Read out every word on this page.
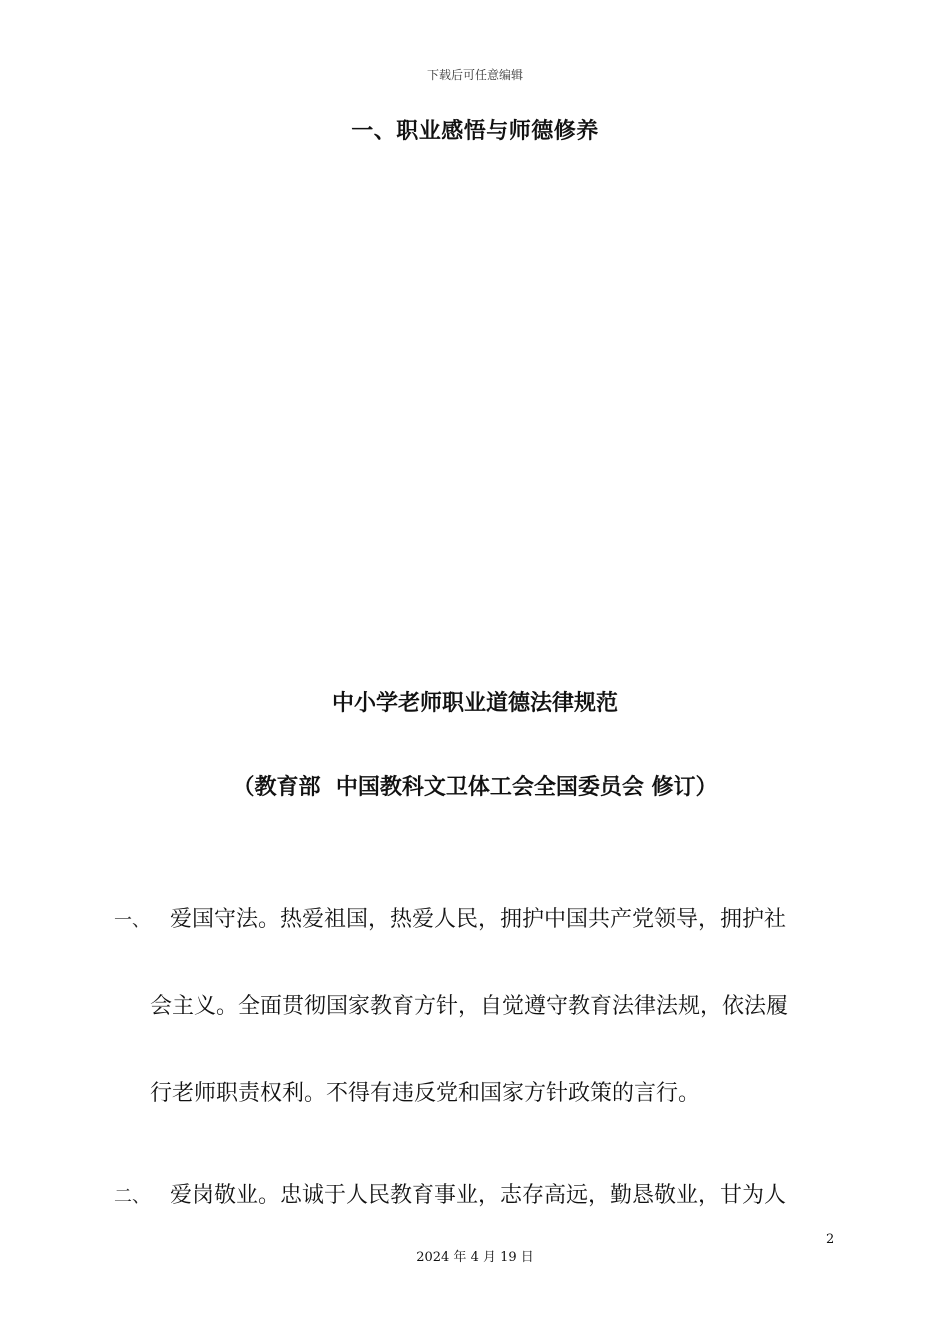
下载后可任意编辑
一、职业感悟与师德修养
中小学老师职业道德法律规范
（教育部  中国教科文卫体工会全国委员会 修订）
一、 爱国守法。热爱祖国，热爱人民，拥护中国共产党领导，拥护社
会主义。全面贯彻国家教育方针，自觉遵守教育法律法规，依法履
行老师职责权利。不得有违反党和国家方针政策的言行。
二、 爱岗敬业。忠诚于人民教育事业，志存高远，勤恳敬业，甘为人
2
2024 年 4 月 19 日
